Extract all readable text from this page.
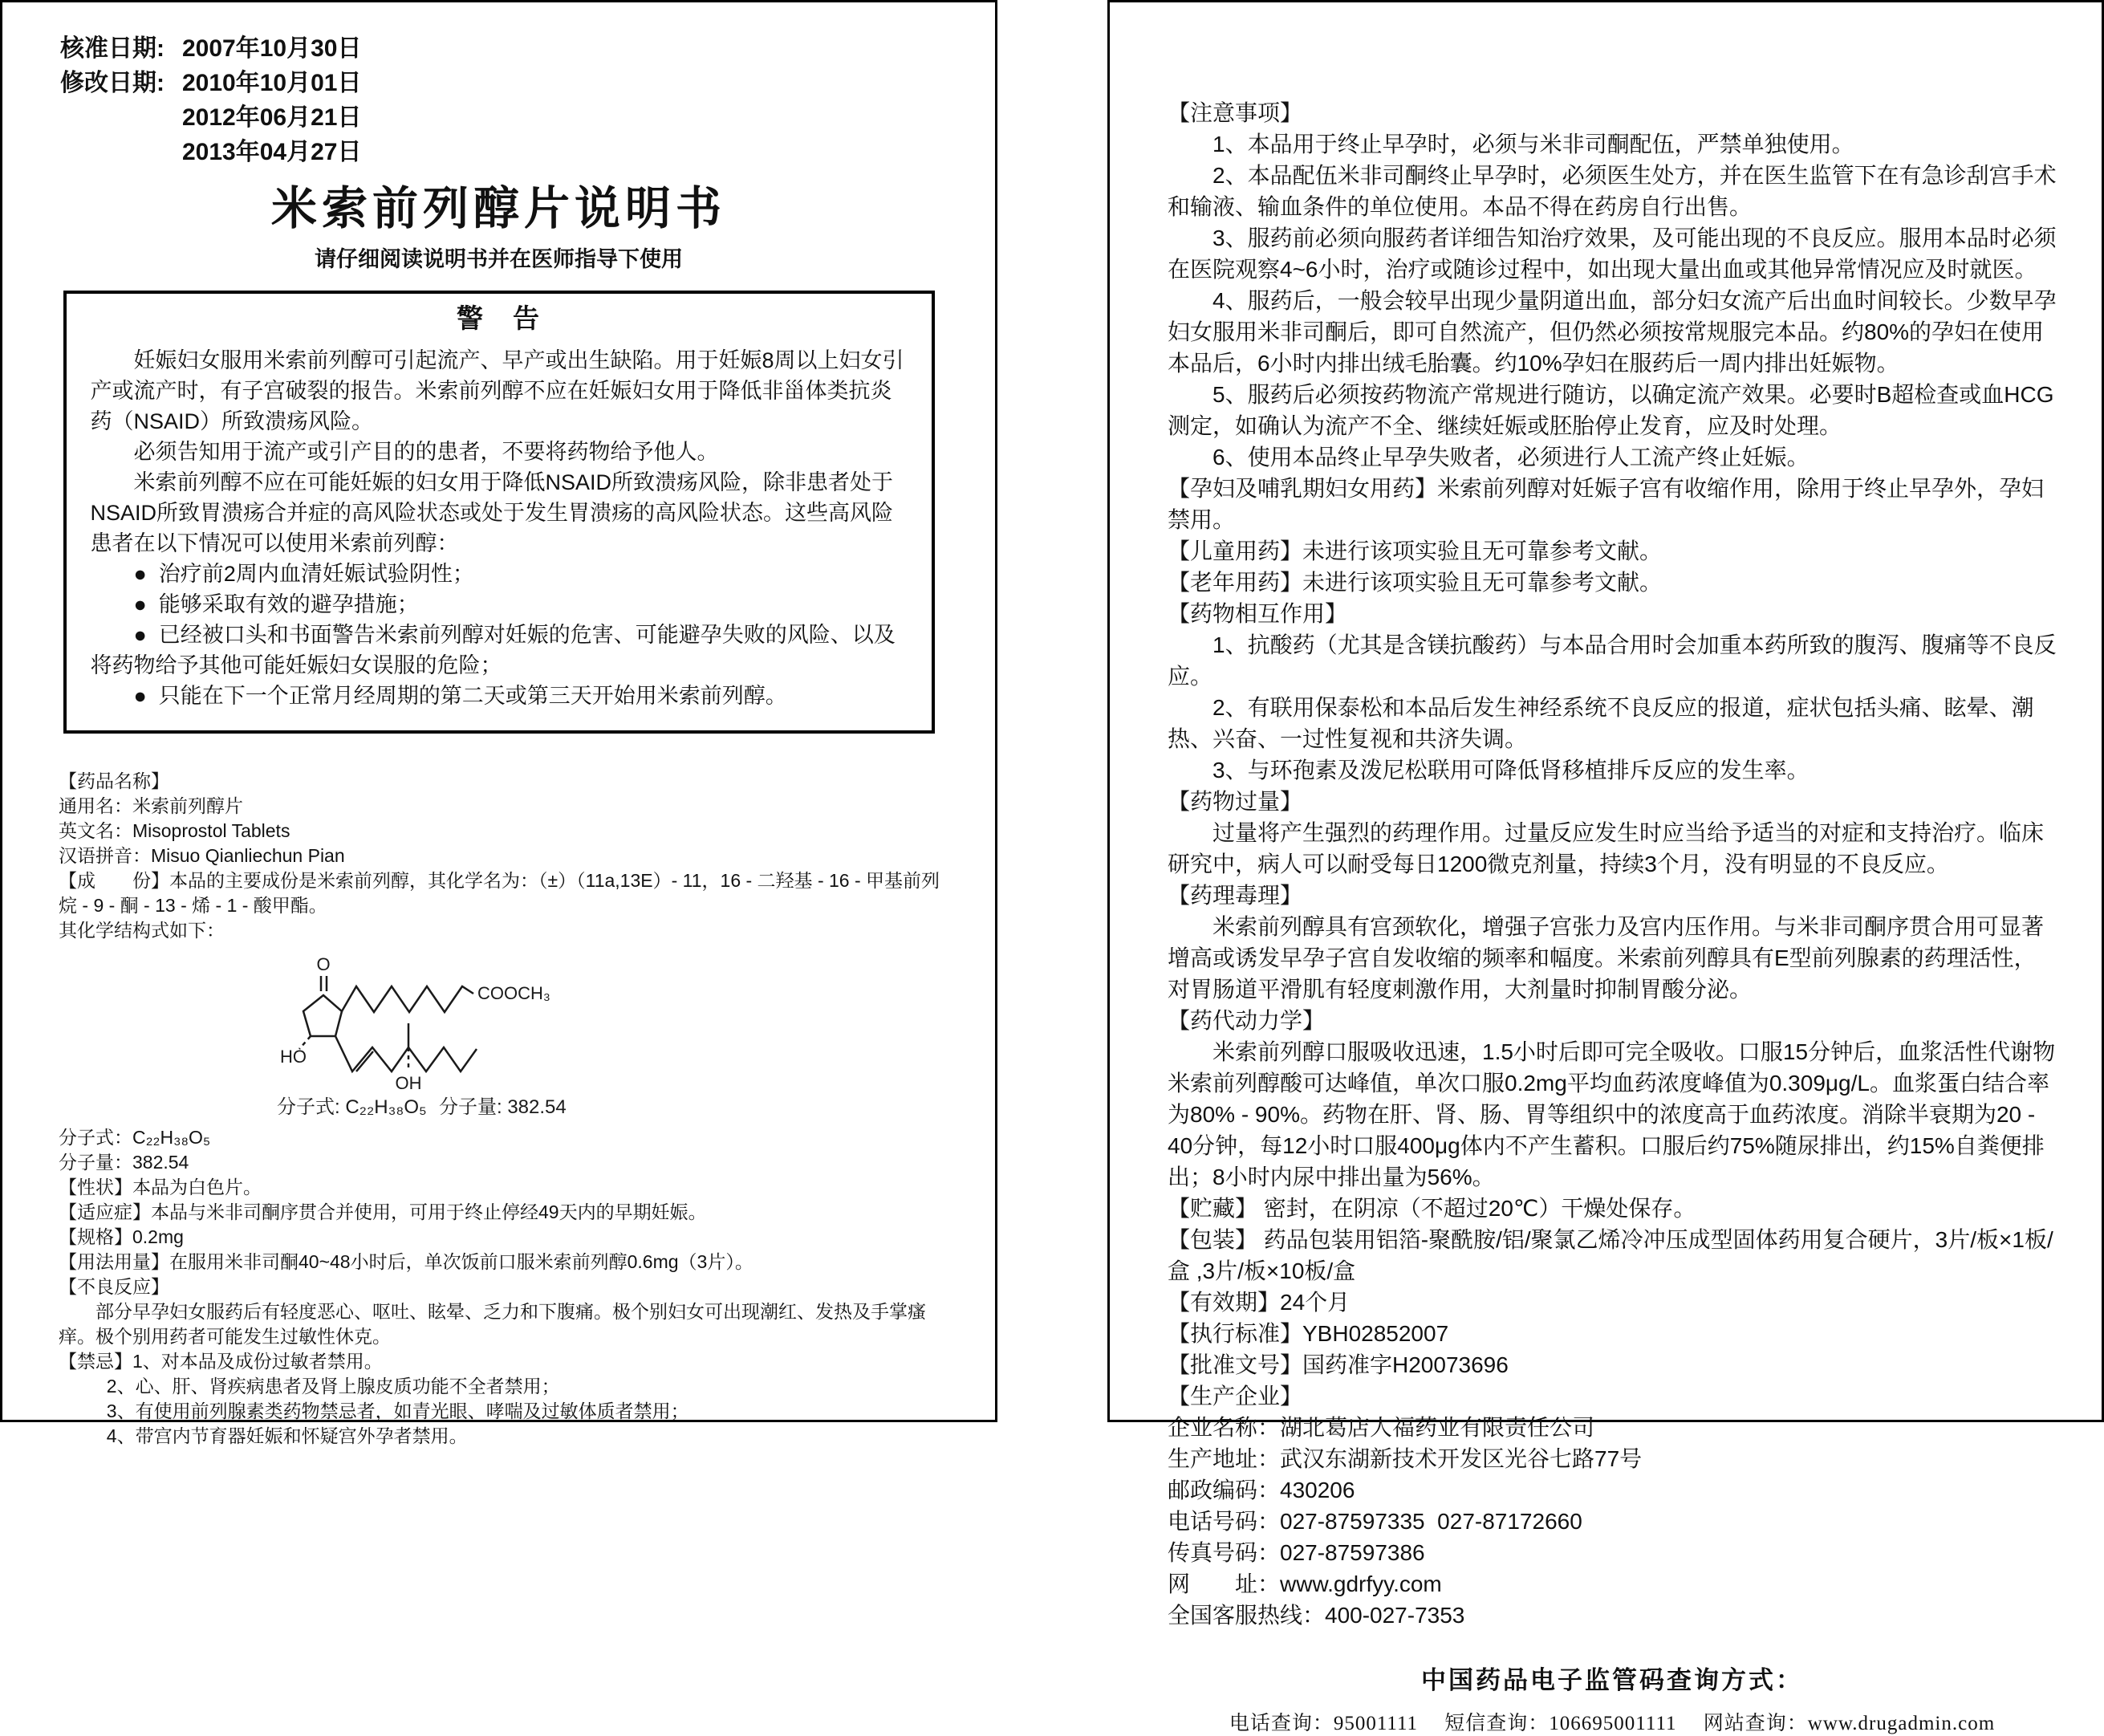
核准日期: 2007年10月30日
修改日期: 2010年10月01日
2012年06月21日
2013年04月27日
米索前列醇片说明书
请仔细阅读说明书并在医师指导下使用
警　告

妊娠妇女服用米索前列醇可引起流产、早产或出生缺陷。用于妊娠8周以上妇女引产或流产时，有子宫破裂的报告。米索前列醇不应在妊娠妇女用于降低非甾体类抗炎药（NSAID）所致溃疡风险。

必须告知用于流产或引产目的的患者，不要将药物给予他人。

米索前列醇不应在可能妊娠的妇女用于降低NSAID所致溃疡风险，除非患者处于NSAID所致胃溃疡合并症的高风险状态或处于发生胃溃疡的高风险状态。这些高风险患者在以下情况可以使用米索前列醇：

●  治疗前2周内血清妊娠试验阴性；

●  能够采取有效的避孕措施；

●  已经被口头和书面警告米索前列醇对妊娠的危害、可能避孕失败的风险、以及将药物给予其他可能妊娠妇女误服的危险；

●  只能在下一个正常月经周期的第二天或第三天开始用米索前列醇。

【药品名称】

通用名：米索前列醇片

英文名：Misoprostol Tablets

汉语拼音：Misuo Qianliechun Pian

【成　　份】本品的主要成份是米索前列醇，其化学名为：（±）（11a,13E）- 11，16 - 二羟基 - 16 - 甲基前列烷 - 9 - 酮 - 13 - 烯 - 1 - 酸甲酯。

其化学结构式如下：

O
HO
COOCH₃
OH
分子式: C₂₂H₃₈O₅ 分子量: 382.54

分子式：C₂₂H₃₈O₅

分子量：382.54

【性状】本品为白色片。

【适应症】本品与米非司酮序贯合并使用，可用于终止停经49天内的早期妊娠。

【规格】0.2mg

【用法用量】在服用米非司酮40~48小时后，单次饭前口服米索前列醇0.6mg（3片）。

【不良反应】

部分早孕妇女服药后有轻度恶心、呕吐、眩晕、乏力和下腹痛。极个别妇女可出现潮红、发热及手掌瘙痒。极个别用药者可能发生过敏性休克。

【禁忌】1、对本品及成份过敏者禁用。

2、心、肝、肾疾病患者及肾上腺皮质功能不全者禁用；

3、有使用前列腺素类药物禁忌者，如青光眼、哮喘及过敏体质者禁用；

4、带宫内节育器妊娠和怀疑宫外孕者禁用。

【注意事项】

1、本品用于终止早孕时，必须与米非司酮配伍，严禁单独使用。

2、本品配伍米非司酮终止早孕时，必须医生处方，并在医生监管下在有急诊刮宫手术和输液、输血条件的单位使用。本品不得在药房自行出售。

3、服药前必须向服药者详细告知治疗效果，及可能出现的不良反应。服用本品时必须在医院观察4~6小时，治疗或随诊过程中，如出现大量出血或其他异常情况应及时就医。

4、服药后，一般会较早出现少量阴道出血，部分妇女流产后出血时间较长。少数早孕妇女服用米非司酮后，即可自然流产，但仍然必须按常规服完本品。约80%的孕妇在使用本品后，6小时内排出绒毛胎囊。约10%孕妇在服药后一周内排出妊娠物。

5、服药后必须按药物流产常规进行随访，以确定流产效果。必要时B超检查或血HCG测定，如确认为流产不全、继续妊娠或胚胎停止发育，应及时处理。

6、使用本品终止早孕失败者，必须进行人工流产终止妊娠。

【孕妇及哺乳期妇女用药】米索前列醇对妊娠子宫有收缩作用，除用于终止早孕外，孕妇禁用。

【儿童用药】未进行该项实验且无可靠参考文献。

【老年用药】未进行该项实验且无可靠参考文献。

【药物相互作用】

1、抗酸药（尤其是含镁抗酸药）与本品合用时会加重本药所致的腹泻、腹痛等不良反应。

2、有联用保泰松和本品后发生神经系统不良反应的报道，症状包括头痛、眩晕、潮热、兴奋、一过性复视和共济失调。

3、与环孢素及泼尼松联用可降低肾移植排斥反应的发生率。

【药物过量】

过量将产生强烈的药理作用。过量反应发生时应当给予适当的对症和支持治疗。临床研究中，病人可以耐受每日1200微克剂量，持续3个月，没有明显的不良反应。

【药理毒理】

米索前列醇具有宫颈软化，增强子宫张力及宫内压作用。与米非司酮序贯合用可显著增高或诱发早孕子宫自发收缩的频率和幅度。米索前列醇具有E型前列腺素的药理活性，对胃肠道平滑肌有轻度刺激作用，大剂量时抑制胃酸分泌。

【药代动力学】

米索前列醇口服吸收迅速，1.5小时后即可完全吸收。口服15分钟后，血浆活性代谢物米索前列醇酸可达峰值，单次口服0.2mg平均血药浓度峰值为0.309μg/L。血浆蛋白结合率为80% - 90%。药物在肝、肾、肠、胃等组织中的浓度高于血药浓度。消除半衰期为20 - 40分钟，每12小时口服400μg体内不产生蓄积。口服后约75%随尿排出，约15%自粪便排出；8小时内尿中排出量为56%。

【贮藏】 密封，在阴凉（不超过20℃）干燥处保存。

【包装】 药品包装用铝箔-聚酰胺/铝/聚氯乙烯冷冲压成型固体药用复合硬片，3片/板×1板/盒 ,3片/板×10板/盒

【有效期】24个月

【执行标准】YBH02852007

【批准文号】国药准字H20073696

【生产企业】

企业名称：湖北葛店人福药业有限责任公司

生产地址：武汉东湖新技术开发区光谷七路77号

邮政编码：430206

电话号码：027-87597335  027-87172660

传真号码：027-87597386

网　　址：www.gdrfyy.com

全国客服热线：400-027-7353

中国药品电子监管码查询方式：
电话查询：95001111　 短信查询：106695001111 　网站查询：www.drugadmin.com
